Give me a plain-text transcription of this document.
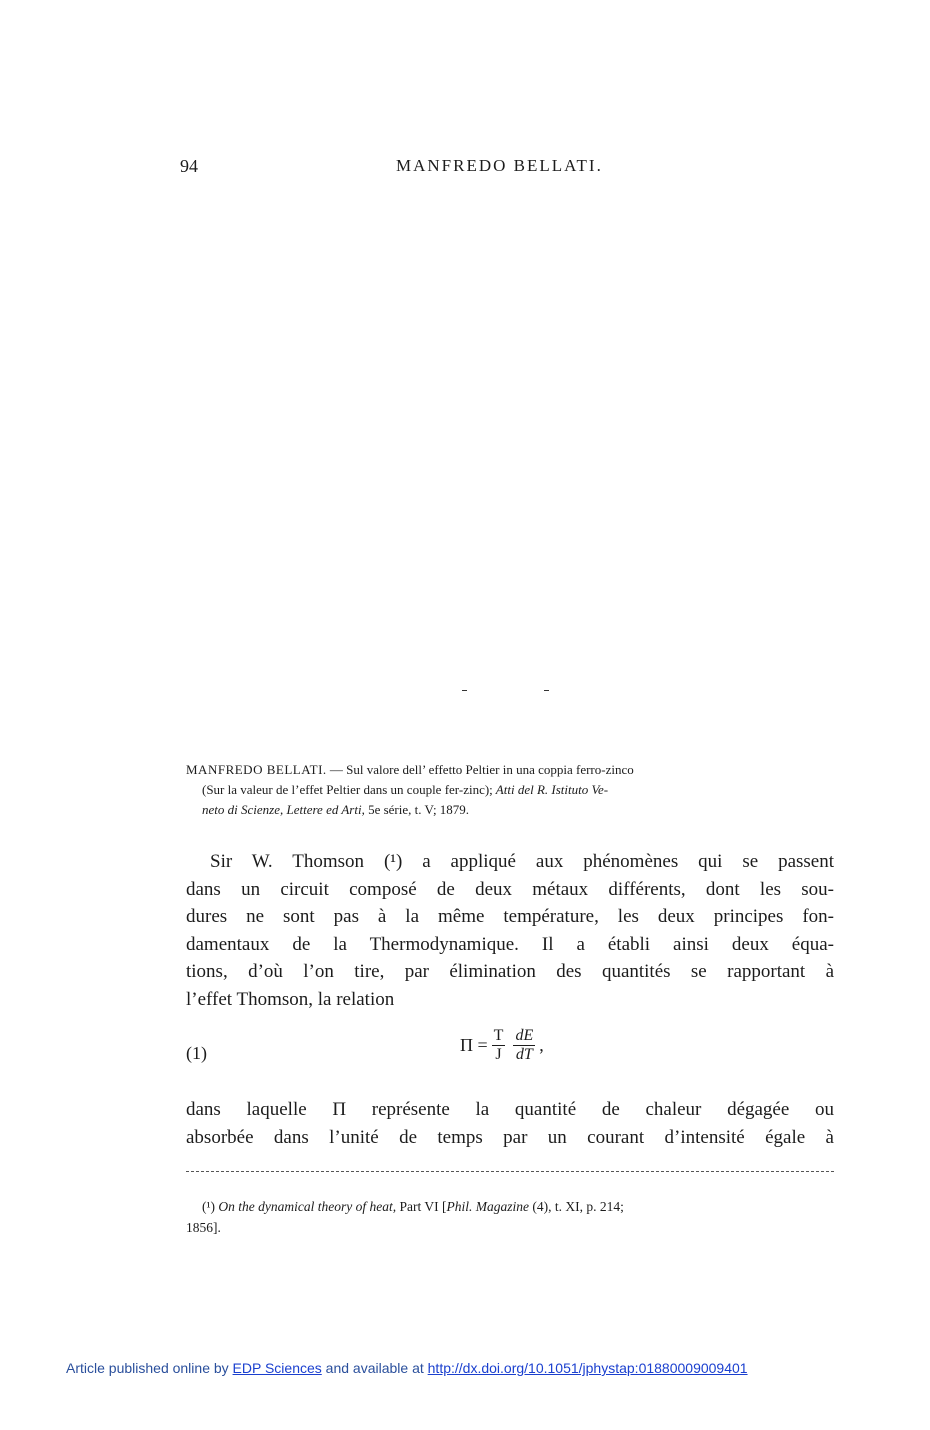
94	MANFREDO BELLATI.
MANFREDO BELLATI. — Sul valore dell’ effetto Peltier in una coppia ferro-zinco
(Sur la valeur de l’effet Peltier dans un couple fer-zinc); Atti del R. Istituto Ve-
neto di Scienze, Lettere ed Arti, 5e série, t. V; 1879.
Sir W. Thomson (¹) a appliqué aux phénomènes qui se passent
dans un circuit composé de deux métaux différents, dont les sou-
dures ne sont pas à la même température, les deux principes fon-
damentaux de la Thermodynamique. Il a établi ainsi deux équa-
tions, d’où l’on tire, par élimination des quantités se rapportant à
l’effet Thomson, la relation
(1)	$\Pi = \frac{T}{J} \frac{dE}{dT}$ ,
dans laquelle Π représente la quantité de chaleur dégagée ou
absorbée dans l’unité de temps par un courant d’intensité égale à
(¹) On the dynamical theory of heat, Part VI [Phil. Magazine (4), t. XI, p. 214;
1856].
Article published online by EDP Sciences and available at http://dx.doi.org/10.1051/jphystap:01880009009401
